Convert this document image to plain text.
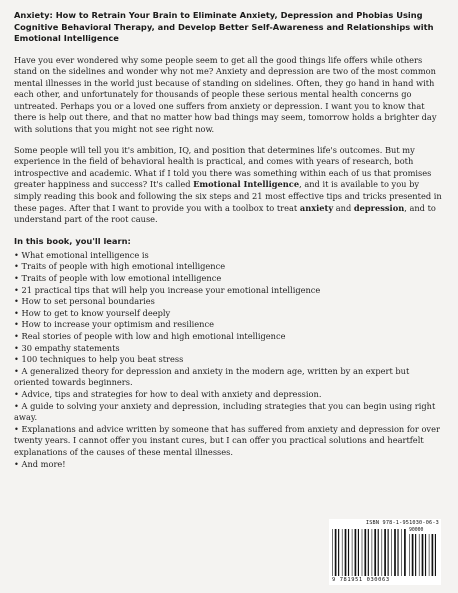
Anxiety: How to Retrain Your Brain to Eliminate Anxiety, Depression and Phobias Using Cognitive Behavioral Therapy, and Develop Better Self-Awareness and Relationships with Emotional Intelligence

Have you ever wondered why some people seem to get all the good things life offers while others stand on the sidelines and wonder why not me? Anxiety and depression are two of the most common mental illnesses in the world just because of standing on sidelines. Often, they go hand in hand with each other, and unfortunately for thousands of people these serious mental health concerns go untreated. Perhaps you or a loved one suffers from anxiety or depression. I want you to know that there is help out there, and that no matter how bad things may seem, tomorrow holds a brighter day with solutions that you might not see right now.

Some people will tell you it's ambition, IQ, and position that determines life's outcomes. But my experience in the field of behavioral health is practical, and comes with years of research, both introspective and academic. What if I told you there was something within each of us that promises greater happiness and success? It's called Emotional Intelligence, and it is available to you by simply reading this book and following the six steps and 21 most effective tips and tricks presented in these pages. After that I want to provide you with a toolbox to treat anxiety and depression, and to understand part of the root cause.

In this book, you'll learn:
• What emotional intelligence is
• Traits of people with high emotional intelligence
• Traits of people with low emotional intelligence
• 21 practical tips that will help you increase your emotional intelligence
• How to set personal boundaries
• How to get to know yourself deeply
• How to increase your optimism and resilience
• Real stories of people with low and high emotional intelligence
• 30 empathy statements
• 100 techniques to help you beat stress
• A generalized theory for depression and anxiety in the modern age, written by an expert but oriented towards beginners.
• Advice, tips and strategies for how to deal with anxiety and depression.
• A guide to solving your anxiety and depression, including strategies that you can begin using right away.
• Explanations and advice written by someone that has suffered from anxiety and depression for over twenty years. I cannot offer you instant cures, but I can offer you practical solutions and heartfelt explanations of the causes of these mental illnesses.
• And more!
ISBN 978-1-951030-06-3
90000
9 781951 030063
